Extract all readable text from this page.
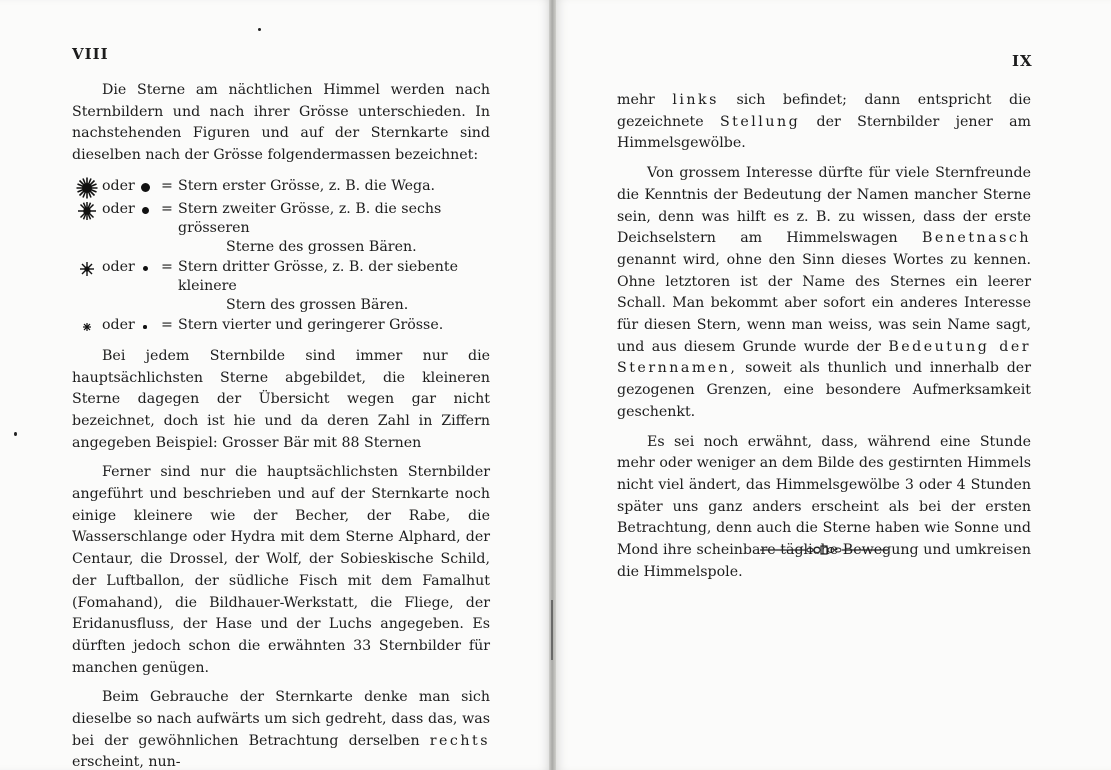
VIII

Die Sterne am nächtlichen Himmel werden nach Sternbildern und nach ihrer Grösse unterschieden. In nachstehenden Figuren und auf der Sternkarte sind dieselben nach der Grösse folgendermassen bezeichnet:

oder	= Stern erster Grösse, z. B. die Wega.
oder	= Stern zweiter Grösse, z. B. die sechs grösseren
Sterne des grossen Bären.
oder	= Stern dritter Grösse, z. B. der siebente kleinere
Stern des grossen Bären.
oder	= Stern vierter und geringerer Grösse.

Bei jedem Sternbilde sind immer nur die hauptsächlichsten Sterne abgebildet, die kleineren Sterne dagegen der Übersicht wegen gar nicht bezeichnet, doch ist hie und da deren Zahl in Ziffern angegeben Beispiel: Grosser Bär mit 88 Sternen

Ferner sind nur die hauptsächlichsten Sternbilder angeführt und beschrieben und auf der Sternkarte noch einige kleinere wie der Becher, der Rabe, die Wasserschlange oder Hydra mit dem Sterne Alphard, der Centaur, die Drossel, der Wolf, der Sobieskische Schild, der Luftballon, der südliche Fisch mit dem Famalhut (Fomahand), die Bildhauer-Werkstatt, die Fliege, der Eridanusfluss, der Hase und der Luchs angegeben. Es dürften jedoch schon die erwähnten 33 Sternbilder für manchen genügen.

Beim Gebrauche der Sternkarte denke man sich dieselbe so nach aufwärts um sich gedreht, dass das, was bei der gewöhnlichen Betrachtung derselben rechts erscheint, nun-

IX

mehr links sich befindet; dann entspricht die gezeichnete Stellung der Sternbilder jener am Himmelsgewölbe.

Von grossem Interesse dürfte für viele Sternfreunde die Kenntnis der Bedeutung der Namen mancher Sterne sein, denn was hilft es z. B. zu wissen, dass der erste Deichselstern am Himmelswagen Benetnasch genannt wird, ohne den Sinn dieses Wortes zu kennen. Ohne letztoren ist der Name des Sternes ein leerer Schall. Man bekommt aber sofort ein anderes Interesse für diesen Stern, wenn man weiss, was sein Name sagt, und aus diesem Grunde wurde der Bedeutung der Sternnamen, soweit als thunlich und innerhalb der gezogenen Grenzen, eine besondere Aufmerksamkeit geschenkt.

Es sei noch erwähnt, dass, während eine Stunde mehr oder weniger an dem Bilde des gestirnten Himmels nicht viel ändert, das Himmelsgewölbe 3 oder 4 Stunden später uns ganz anders erscheint als bei der ersten Betrachtung, denn auch die Sterne haben wie Sonne und Mond ihre scheinbare tägliche Bewegung und umkreisen die Himmelspole.
